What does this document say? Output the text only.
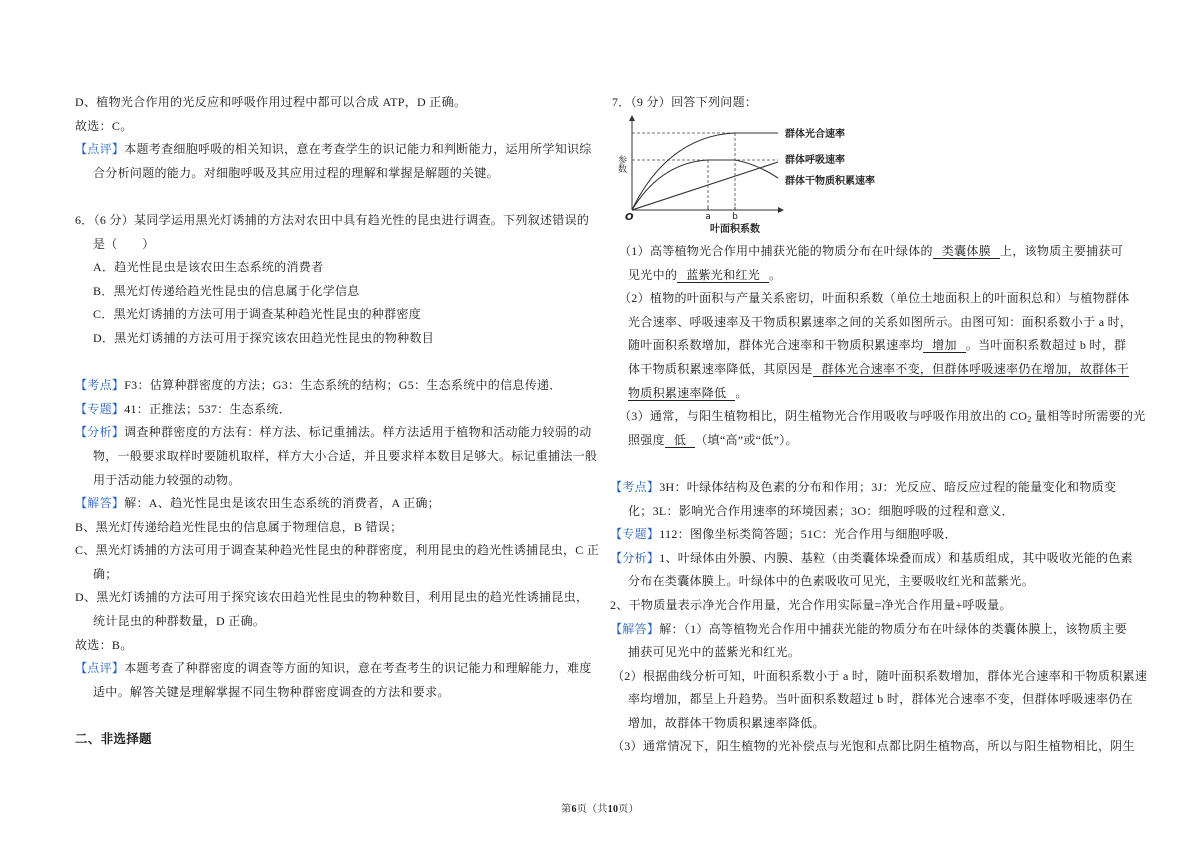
D、植物光合作用的光反应和呼吸作用过程中都可以合成 ATP，D 正确。
故选：C。
【点评】本题考查细胞呼吸的相关知识，意在考查学生的识记能力和判断能力，运用所学知识综
合分析问题的能力。对细胞呼吸及其应用过程的理解和掌握是解题的关键。
6．（6 分）某同学运用黑光灯诱捕的方法对农田中具有趋光性的昆虫进行调查。下列叙述错误的
是（　　）
A．趋光性昆虫是该农田生态系统的消费者
B．黑光灯传递给趋光性昆虫的信息属于化学信息
C．黑光灯诱捕的方法可用于调查某种趋光性昆虫的种群密度
D．黑光灯诱捕的方法可用于探究该农田趋光性昆虫的物种数目
【考点】F3：估算种群密度的方法；G3：生态系统的结构；G5：生态系统中的信息传递．
【专题】41：正推法；537：生态系统．
【分析】调查种群密度的方法有：样方法、标记重捕法。样方法适用于植物和活动能力较弱的动
物，一般要求取样时要随机取样，样方大小合适，并且要求样本数目足够大。标记重捕法一般
用于活动能力较强的动物。
【解答】解：A、趋光性昆虫是该农田生态系统的消费者，A 正确；
B、黑光灯传递给趋光性昆虫的信息属于物理信息，B 错误；
C、黑光灯诱捕的方法可用于调查某种趋光性昆虫的种群密度，利用昆虫的趋光性诱捕昆虫，C 正
确；
D、黑光灯诱捕的方法可用于探究该农田趋光性昆虫的物种数目，利用昆虫的趋光性诱捕昆虫，
统计昆虫的种群数量，D 正确。
故选：B。
【点评】本题考查了种群密度的调查等方面的知识，意在考查考生的识记能力和理解能力，难度
适中。解答关键是理解掌握不同生物种群密度调查的方法和要求。
二、非选择题
7．（9 分）回答下列问题：
群体光合速率
群体呼吸速率
群体干物质积累速率
参数
O	a b
叶面积系数
（1）高等植物光合作用中捕获光能的物质分布在叶绿体的 类囊体膜 上，该物质主要捕获可
见光中的 蓝紫光和红光 。
（2）植物的叶面积与产量关系密切，叶面积系数（单位土地面积上的叶面积总和）与植物群体
光合速率、呼吸速率及干物质积累速率之间的关系如图所示。由图可知：面积系数小于 a 时，
随叶面积系数增加，群体光合速率和干物质积累速率均 增加 。当叶面积系数超过 b 时，群
体干物质积累速率降低，其原因是 群体光合速率不变，但群体呼吸速率仍在增加，故群体干
物质积累速率降低 。
（3）通常，与阳生植物相比，阴生植物光合作用吸收与呼吸作用放出的 $CO_2$ 量相等时所需要的光
照强度 低 （填“高”或“低”）。
【考点】3H：叶绿体结构及色素的分布和作用；3J：光反应、暗反应过程的能量变化和物质变
化；3L：影响光合作用速率的环境因素；3O：细胞呼吸的过程和意义．
【专题】112：图像坐标类简答题；51C：光合作用与细胞呼吸．
【分析】1、叶绿体由外膜、内膜、基粒（由类囊体垛叠而成）和基质组成，其中吸收光能的色素
分布在类囊体膜上。叶绿体中的色素吸收可见光，主要吸收红光和蓝紫光。
2、干物质量表示净光合作用量，光合作用实际量=净光合作用量+呼吸量。
【解答】解：（1）高等植物光合作用中捕获光能的物质分布在叶绿体的类囊体膜上，该物质主要
捕获可见光中的蓝紫光和红光。
（2）根据曲线分析可知，叶面积系数小于 a 时，随叶面积系数增加，群体光合速率和干物质积累速
率均增加，都呈上升趋势。当叶面积系数超过 b 时，群体光合速率不变，但群体呼吸速率仍在
增加，故群体干物质积累速率降低。
（3）通常情况下，阳生植物的光补偿点与光饱和点都比阴生植物高，所以与阳生植物相比，阴生
第6页（共10页）
